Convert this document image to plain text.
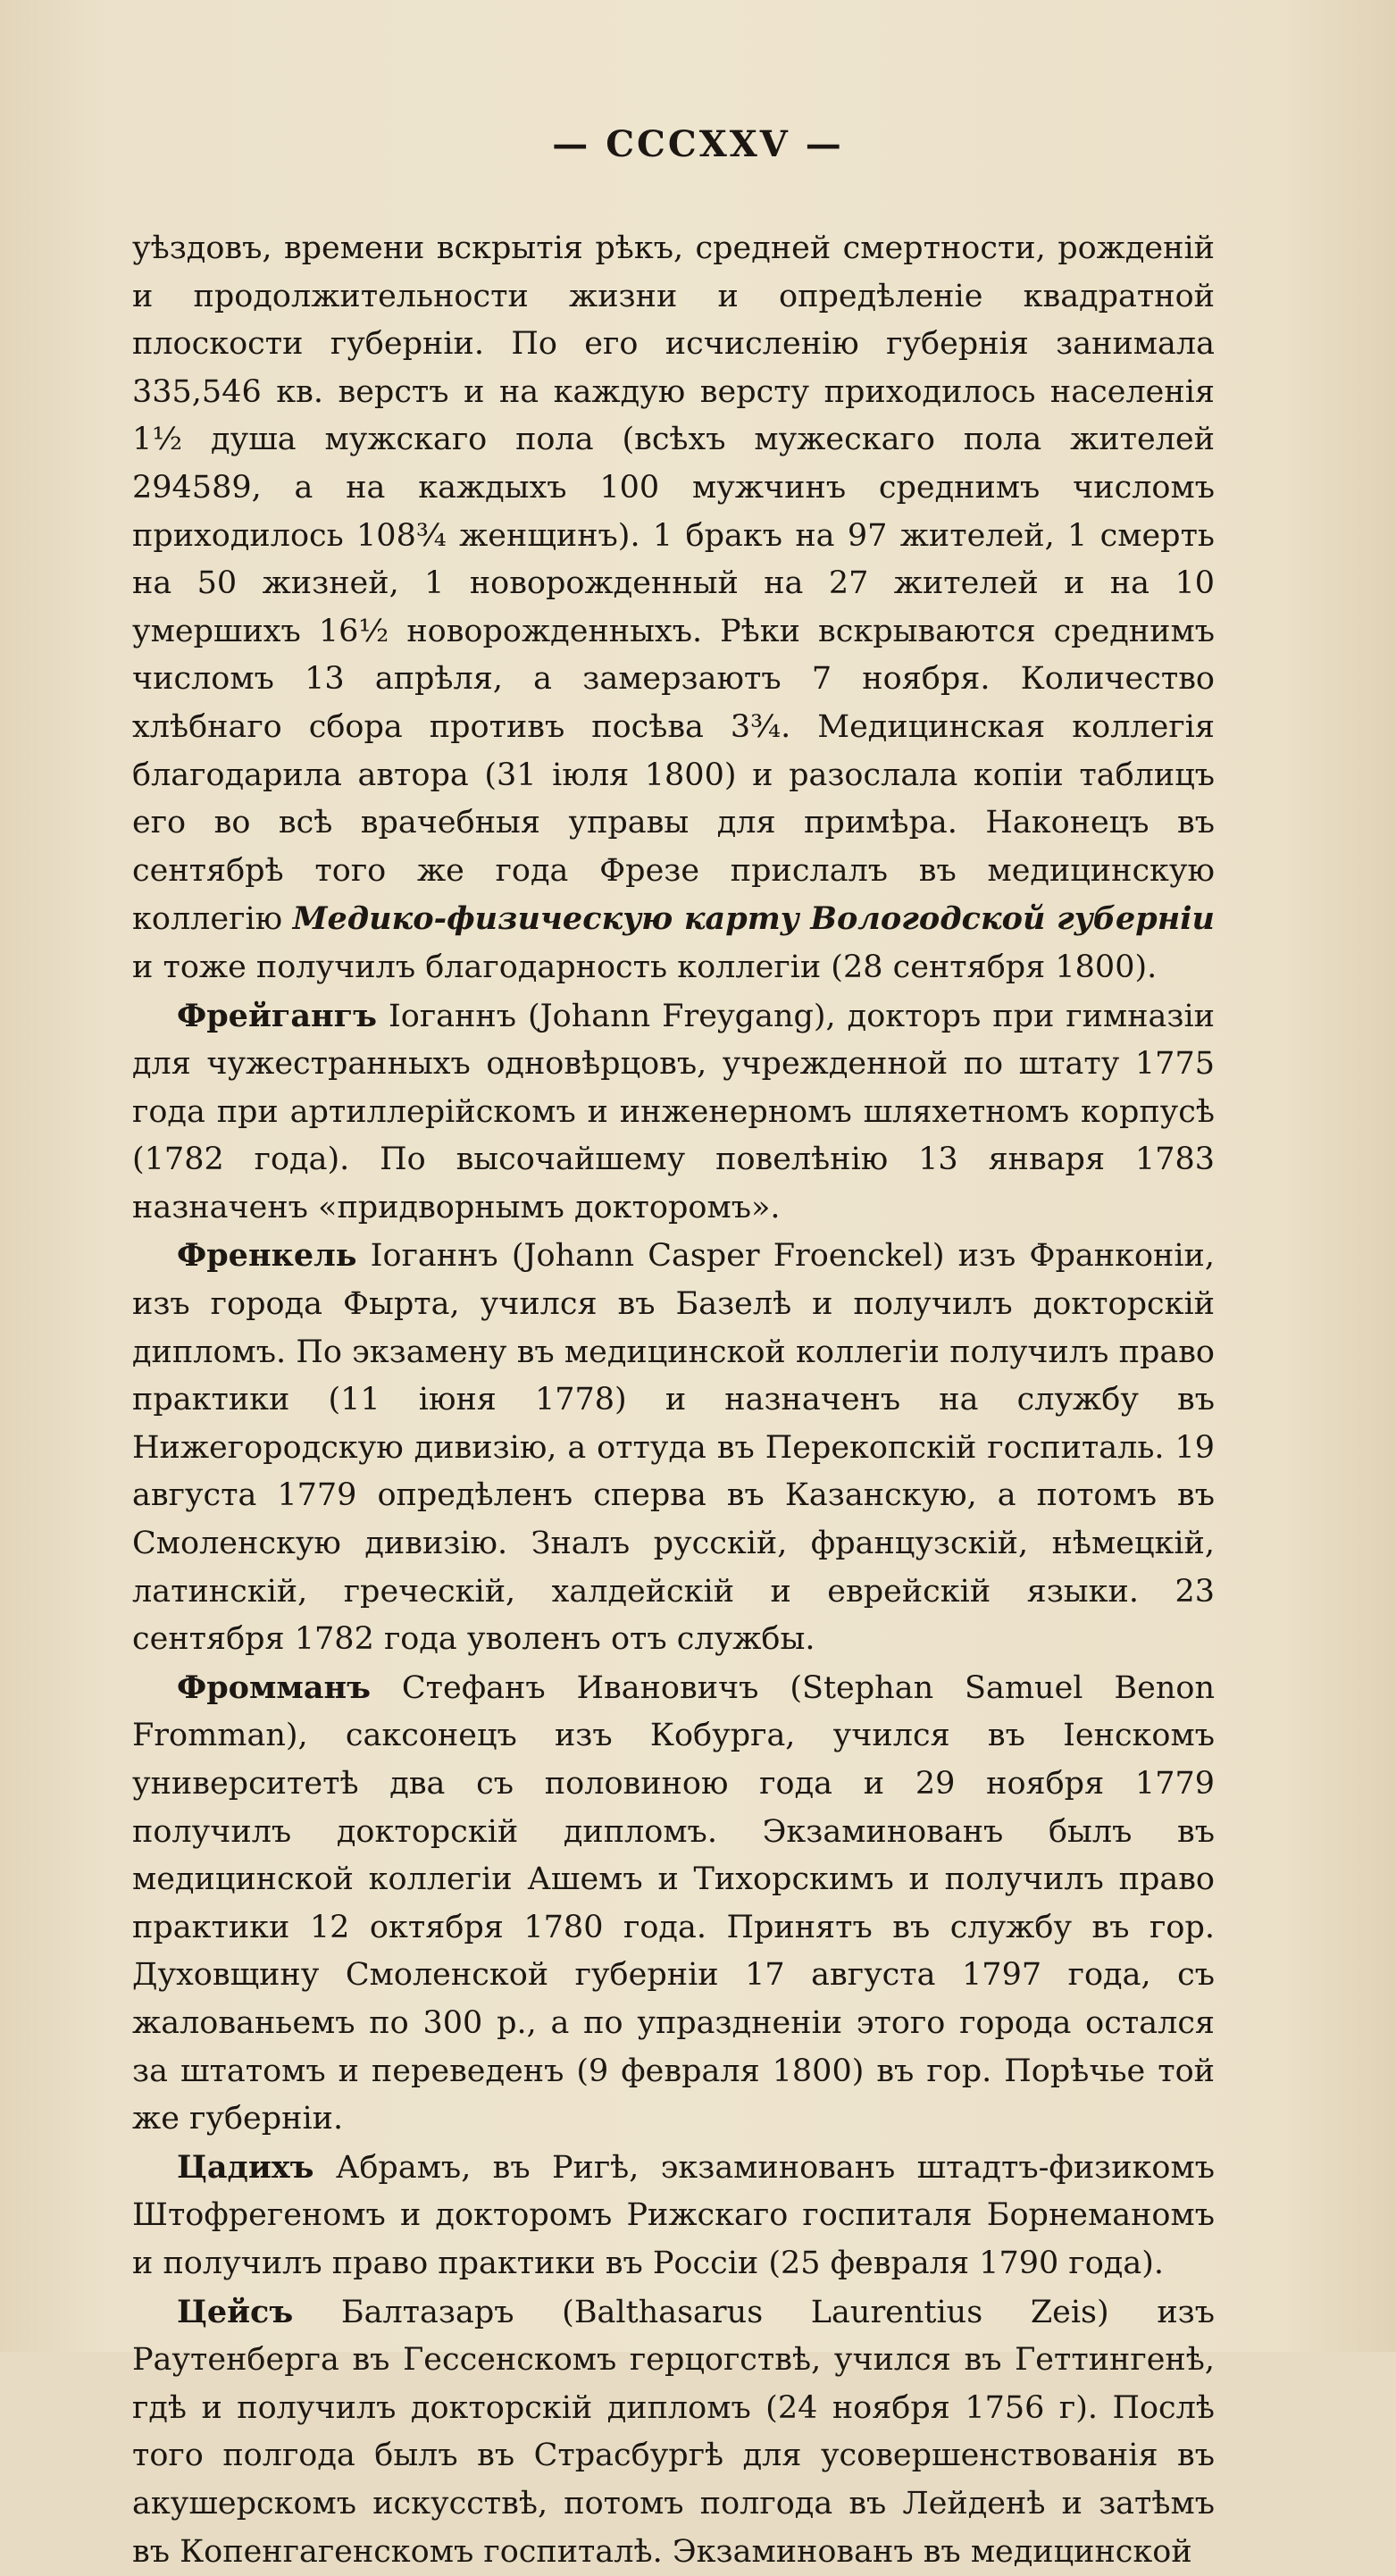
— CCCXXV —

уѣздовъ, времени вскрытія рѣкъ, средней смертности, рожденій и продолжительности жизни и опредѣленіе квадратной плоскости губерніи. По его исчисленію губернія занимала 335,546 кв. верстъ и на каждую версту приходилось населенія 1½ душа мужскаго пола (всѣхъ мужескаго пола жителей 294589, а на каждыхъ 100 мужчинъ среднимъ числомъ приходилось 108¾ женщинъ). 1 бракъ на 97 жителей, 1 смерть на 50 жизней, 1 новорожденный на 27 жителей и на 10 умершихъ 16½ новорожденныхъ. Рѣки вскрываются среднимъ числомъ 13 апрѣля, а замерзаютъ 7 ноября. Количество хлѣбнаго сбора противъ посѣва 3¾. Медицинская коллегія благодарила автора (31 іюля 1800) и разослала копіи таблицъ его во всѣ врачебныя управы для примѣра. Наконецъ въ сентябрѣ того же года Фрезе прислалъ въ медицинскую коллегію Медико-физическую карту Вологодской губерніи и тоже получилъ благодарность коллегіи (28 сентября 1800).

Фрейгангъ Іоганнъ (Johann Freygang), докторъ при гимназіи для чужестранныхъ одновѣрцовъ, учрежденной по штату 1775 года при артиллерійскомъ и инженерномъ шляхетномъ корпусѣ (1782 года). По высочайшему повелѣнію 13 января 1783 назначенъ «придворнымъ докторомъ».

Френкель Іоганнъ (Johann Casper Froenckel) изъ Франконіи, изъ города Фырта, учился въ Базелѣ и получилъ докторскій дипломъ. По экзамену въ медицинской коллегіи получилъ право практики (11 іюня 1778) и назначенъ на службу въ Нижегородскую дивизію, а оттуда въ Перекопскій госпиталь. 19 августа 1779 опредѣленъ сперва въ Казанскую, а потомъ въ Смоленскую дивизію. Зналъ русскій, французскій, нѣмецкій, латинскій, греческій, халдейскій и еврейскій языки. 23 сентября 1782 года уволенъ отъ службы.

Фромманъ Стефанъ Ивановичъ (Stephan Samuel Benon Fromman), саксонецъ изъ Кобурга, учился въ Іенскомъ университетѣ два съ половиною года и 29 ноября 1779 получилъ докторскій дипломъ. Экзаминованъ былъ въ медицинской коллегіи Ашемъ и Тихорскимъ и получилъ право практики 12 октября 1780 года. Принятъ въ службу въ гор. Духовщину Смоленской губерніи 17 августа 1797 года, съ жалованьемъ по 300 р., а по упраздненіи этого города остался за штатомъ и переведенъ (9 февраля 1800) въ гор. Порѣчье той же губерніи.

Цадихъ Абрамъ, въ Ригѣ, экзаминованъ штадтъ-физикомъ Штофрегеномъ и докторомъ Рижскаго госпиталя Борнеманомъ и получилъ право практики въ Россіи (25 февраля 1790 года).

Цейсъ Балтазаръ (Balthasarus Laurentius Zeis) изъ Раутенберга въ Гессенскомъ герцогствѣ, учился въ Геттингенѣ, гдѣ и получилъ докторскій дипломъ (24 ноября 1756 г). Послѣ того полгода былъ въ Страсбургѣ для усовершенствованія въ акушерскомъ искусствѣ, потомъ полгода въ Лейденѣ и затѣмъ въ Копенгагенскомъ госпиталѣ. Экзаминованъ въ медицинской
